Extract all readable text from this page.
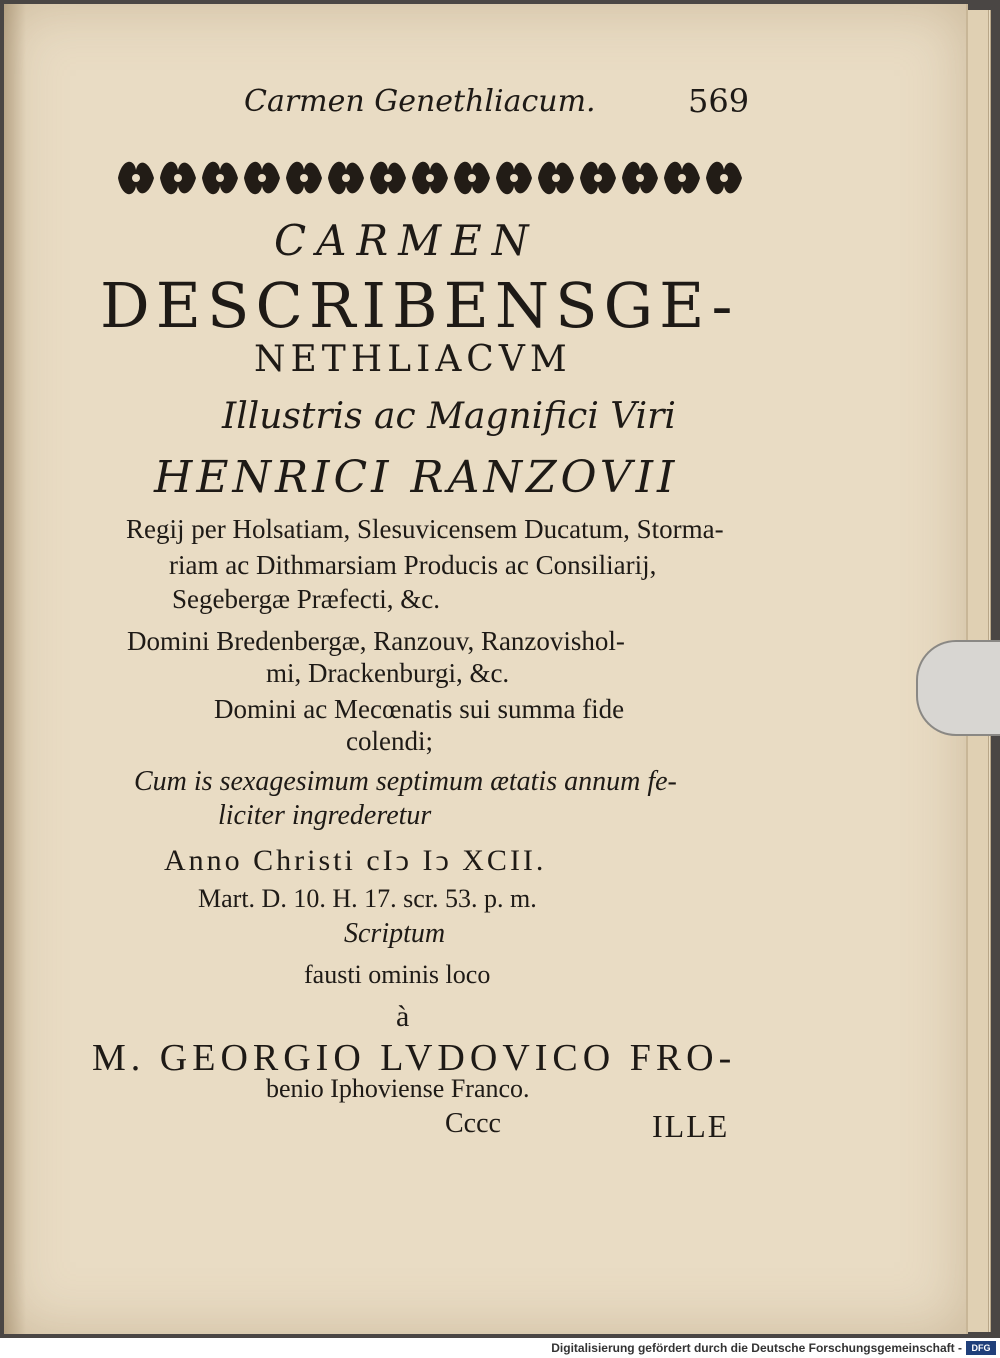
Carmen Genethliacum.	569
CARMEN
DESCRIBENSGE-
NETHLIACVM
Illustris ac Magnifici Viri
HENRICI RANZOVII
Regij per Holsatiam, Slesuvicensem Ducatum, Storma-
riam ac Dithmarsiam Producis ac Consiliarij,
Segebergæ Præfecti, &c.
Domini Bredenbergæ, Ranzouv, Ranzovishol-
mi, Drackenburgi, &c.
Domini ac Mecœnatis sui summa fide
colendi;
Cum is sexagesimum septimum ætatis annum fe-
liciter ingrederetur
Anno Christi cIↄ Iↄ XCII.
Mart. D. 10. H. 17. scr. 53. p. m.
Scriptum
fausti ominis loco
à
M. GEORGIO LVDOVICO FRO-
benio Iphoviense Franco.
Cccc	ILLE
Digitalisierung gefördert durch die Deutsche Forschungsgemeinschaft -	DFG
